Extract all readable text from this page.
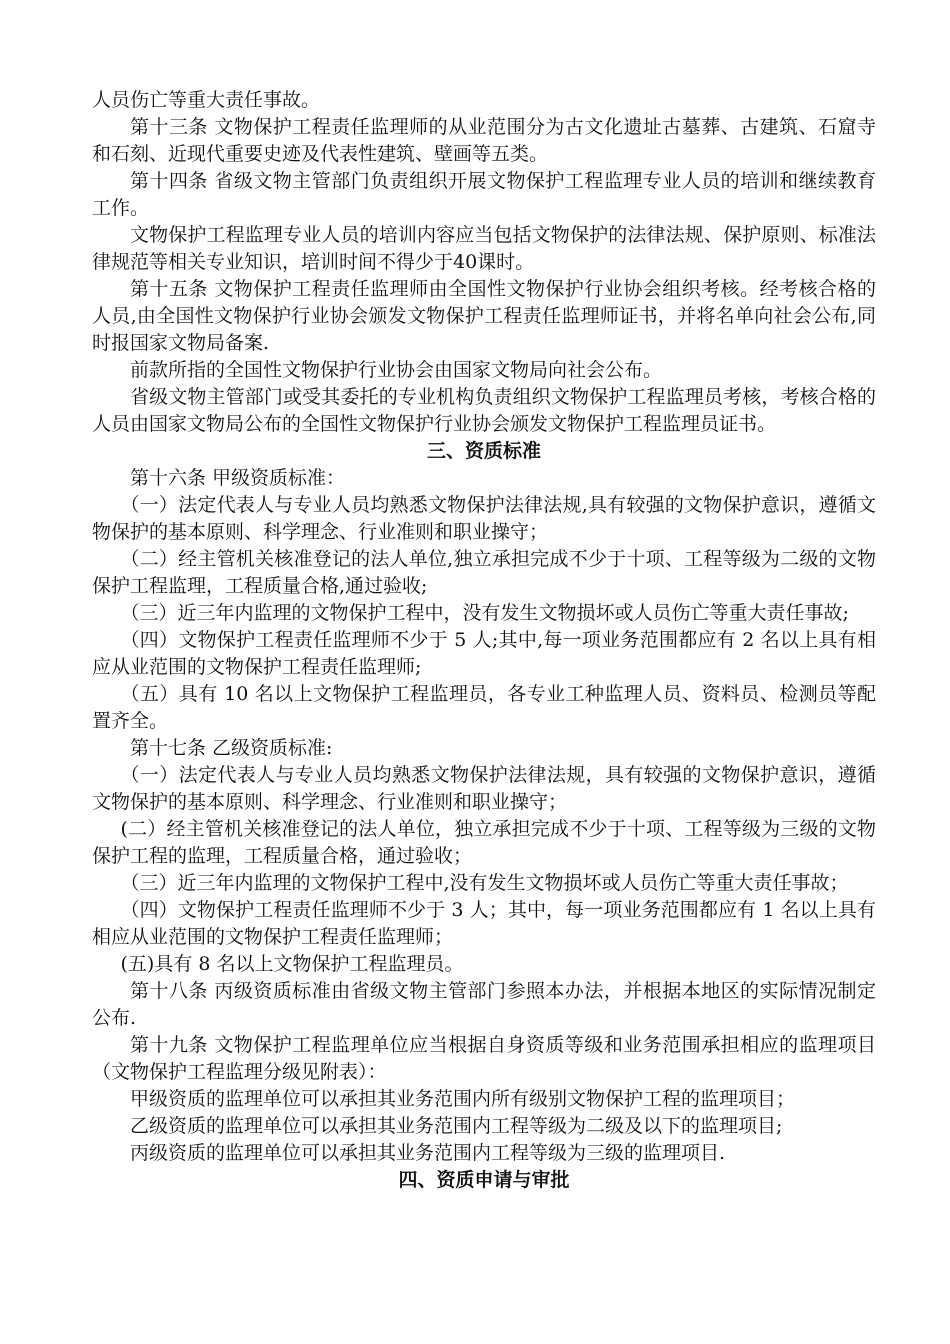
人员伤亡等重大责任事故。

第十三条 文物保护工程责任监理师的从业范围分为古文化遗址古墓葬、古建筑、石窟寺和石刻、近现代重要史迹及代表性建筑、壁画等五类。

第十四条 省级文物主管部门负责组织开展文物保护工程监理专业人员的培训和继续教育工作。

文物保护工程监理专业人员的培训内容应当包括文物保护的法律法规、保护原则、标准法律规范等相关专业知识，培训时间不得少于40课时。

第十五条 文物保护工程责任监理师由全国性文物保护行业协会组织考核。经考核合格的人员,由全国性文物保护行业协会颁发文物保护工程责任监理师证书，并将名单向社会公布,同时报国家文物局备案.

前款所指的全国性文物保护行业协会由国家文物局向社会公布。

省级文物主管部门或受其委托的专业机构负责组织文物保护工程监理员考核，考核合格的人员由国家文物局公布的全国性文物保护行业协会颁发文物保护工程监理员证书。

三、资质标准

第十六条 甲级资质标准：

（一）法定代表人与专业人员均熟悉文物保护法律法规,具有较强的文物保护意识，遵循文物保护的基本原则、科学理念、行业准则和职业操守；

（二）经主管机关核准登记的法人单位,独立承担完成不少于十项、工程等级为二级的文物保护工程监理，工程质量合格,通过验收;

（三）近三年内监理的文物保护工程中，没有发生文物损坏或人员伤亡等重大责任事故;

（四）文物保护工程责任监理师不少于 5 人;其中,每一项业务范围都应有 2 名以上具有相应从业范围的文物保护工程责任监理师;

（五）具有 10 名以上文物保护工程监理员，各专业工种监理人员、资料员、检测员等配置齐全。

第十七条 乙级资质标准:

（一）法定代表人与专业人员均熟悉文物保护法律法规，具有较强的文物保护意识，遵循文物保护的基本原则、科学理念、行业准则和职业操守；

(二）经主管机关核准登记的法人单位，独立承担完成不少于十项、工程等级为三级的文物保护工程的监理，工程质量合格，通过验收；

（三）近三年内监理的文物保护工程中,没有发生文物损坏或人员伤亡等重大责任事故；

（四）文物保护工程责任监理师不少于 3 人；其中，每一项业务范围都应有 1 名以上具有相应从业范围的文物保护工程责任监理师；

(五)具有 8 名以上文物保护工程监理员。

第十八条 丙级资质标准由省级文物主管部门参照本办法，并根据本地区的实际情况制定公布.

第十九条 文物保护工程监理单位应当根据自身资质等级和业务范围承担相应的监理项目（文物保护工程监理分级见附表）：

甲级资质的监理单位可以承担其业务范围内所有级别文物保护工程的监理项目；

乙级资质的监理单位可以承担其业务范围内工程等级为二级及以下的监理项目;

丙级资质的监理单位可以承担其业务范围内工程等级为三级的监理项目.

四、资质申请与审批
